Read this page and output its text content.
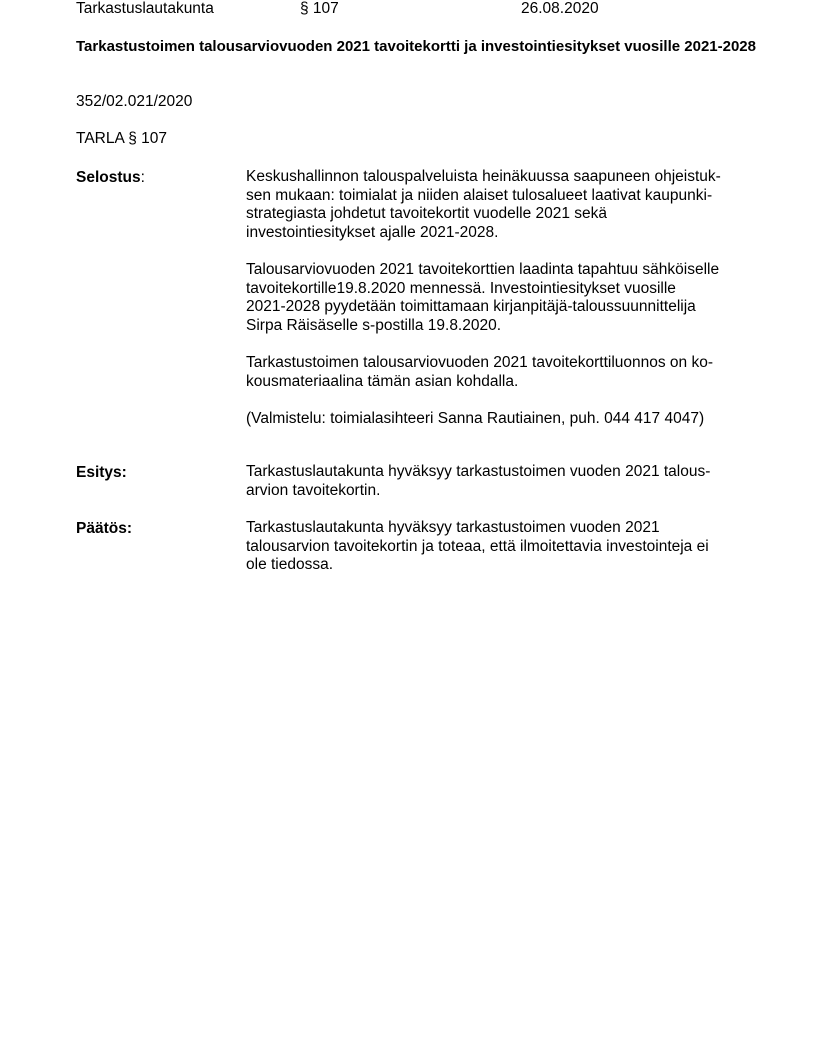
Tarkastuslautakunta	§ 107	26.08.2020
Tarkastustoimen talousarviovuoden 2021 tavoitekortti ja investointiesitykset vuosille 2021-2028
352/02.021/2020
TARLA § 107
Selostus:	Keskushallinnon talouspalveluista heinäkuussa saapuneen ohjeistuk-
sen mukaan: toimialat ja niiden alaiset tulosalueet laativat kaupunki-
strategiasta johdetut tavoitekortit vuodelle 2021 sekä
investointiesitykset ajalle 2021-2028.

Talousarviovuoden 2021 tavoitekorttien laadinta tapahtuu sähköiselle
tavoitekortille19.8.2020 mennessä. Investointiesitykset vuosille
2021-2028 pyydetään toimittamaan kirjanpitäjä-taloussuunnittelija
Sirpa Räisäselle s-postilla 19.8.2020.

Tarkastustoimen talousarviovuoden 2021 tavoitekorttiluonnos on ko-
kousmateriaalina tämän asian kohdalla.

(Valmistelu: toimialasihteeri Sanna Rautiainen, puh. 044 417 4047)

Esitys:	Tarkastuslautakunta hyväksyy tarkastustoimen vuoden 2021 talous-
arvion tavoitekortin.

Päätös:	Tarkastuslautakunta hyväksyy tarkastustoimen vuoden 2021
talousarvion tavoitekortin ja toteaa, että ilmoitettavia investointeja ei
ole tiedossa.
